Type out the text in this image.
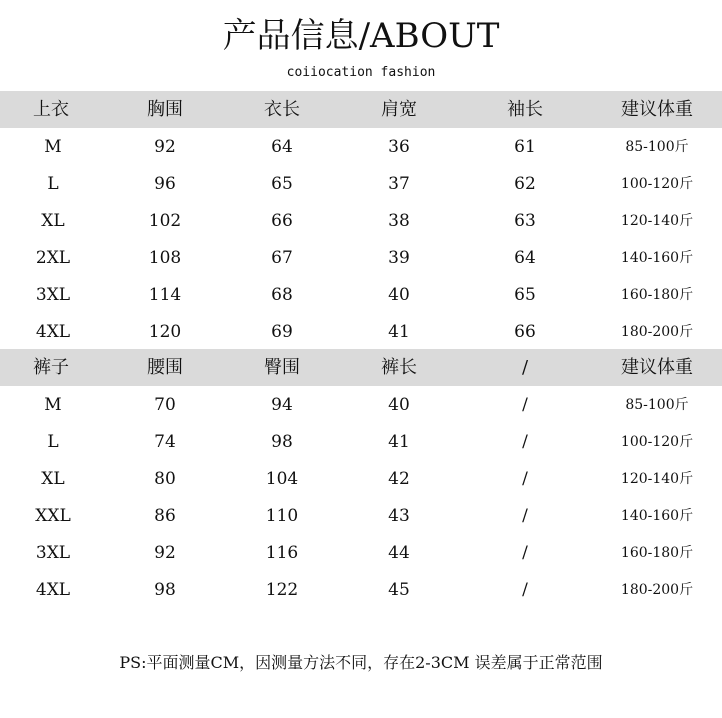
产品信息/ABOUT
coiiocation fashion
上衣	胸围	衣长	肩宽	袖长	建议体重
M	92	64	36	61	85-100斤
L	96	65	37	62	100-120斤
XL	102	66	38	63	120-140斤
2XL	108	67	39	64	140-160斤
3XL	114	68	40	65	160-180斤
4XL	120	69	41	66	180-200斤
裤子	腰围	臀围	裤长	/	建议体重
M	70	94	40	/	85-100斤
L	74	98	41	/	100-120斤
XL	80	104	42	/	120-140斤
XXL	86	110	43	/	140-160斤
3XL	92	116	44	/	160-180斤
4XL	98	122	45	/	180-200斤
PS:平面测量CM，因测量方法不同，存在2-3CM 误差属于正常范围
